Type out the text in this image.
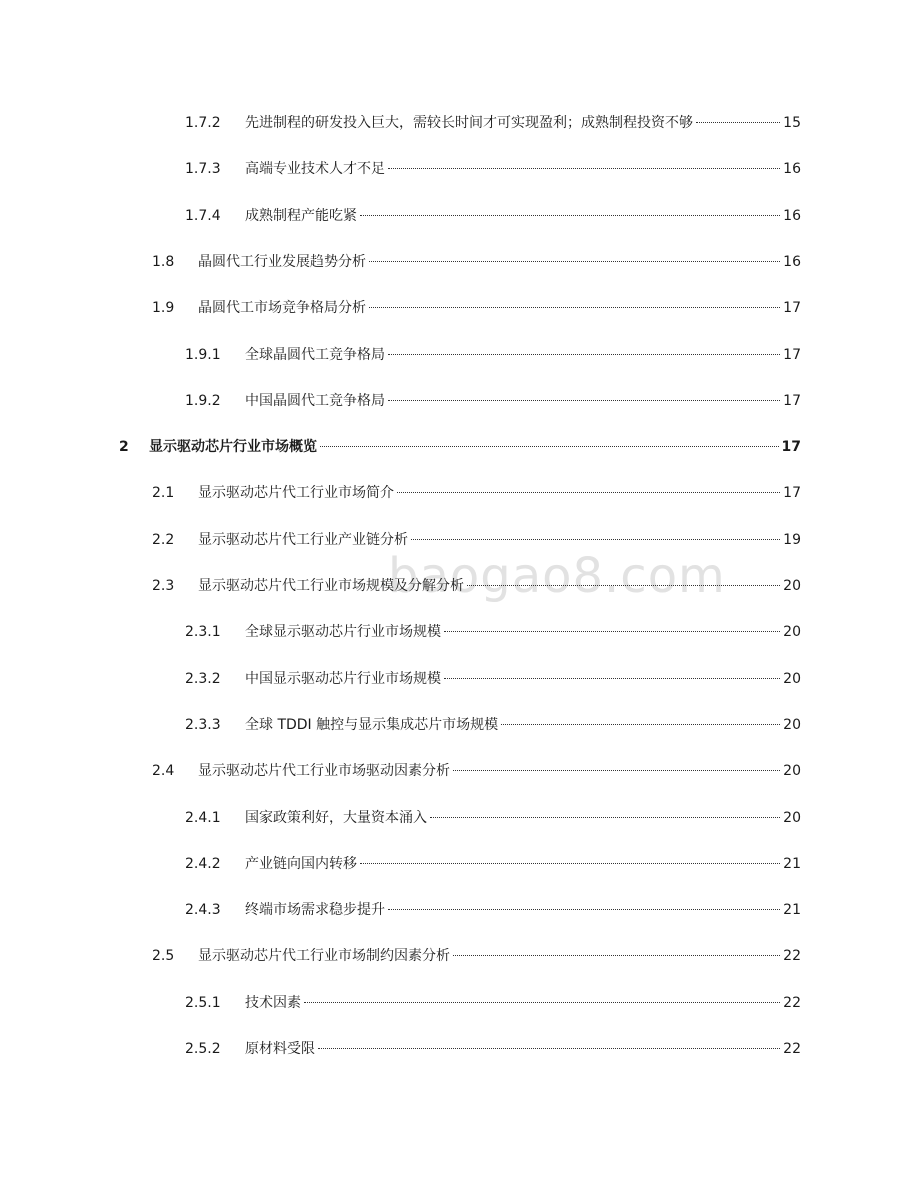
baogao8.com
1.7.2	先进制程的研发投入巨大，需较长时间才可实现盈利；成熟制程投资不够	15
1.7.3	高端专业技术人才不足	16
1.7.4	成熟制程产能吃紧	16
1.8	晶圆代工行业发展趋势分析	16
1.9	晶圆代工市场竞争格局分析	17
1.9.1	全球晶圆代工竞争格局	17
1.9.2	中国晶圆代工竞争格局	17
2	显示驱动芯片行业市场概览	17
2.1	显示驱动芯片代工行业市场简介	17
2.2	显示驱动芯片代工行业产业链分析	19
2.3	显示驱动芯片代工行业市场规模及分解分析	20
2.3.1	全球显示驱动芯片行业市场规模	20
2.3.2	中国显示驱动芯片行业市场规模	20
2.3.3	全球 TDDI 触控与显示集成芯片市场规模	20
2.4	显示驱动芯片代工行业市场驱动因素分析	20
2.4.1	国家政策利好，大量资本涌入	20
2.4.2	产业链向国内转移	21
2.4.3	终端市场需求稳步提升	21
2.5	显示驱动芯片代工行业市场制约因素分析	22
2.5.1	技术因素	22
2.5.2	原材料受限	22
